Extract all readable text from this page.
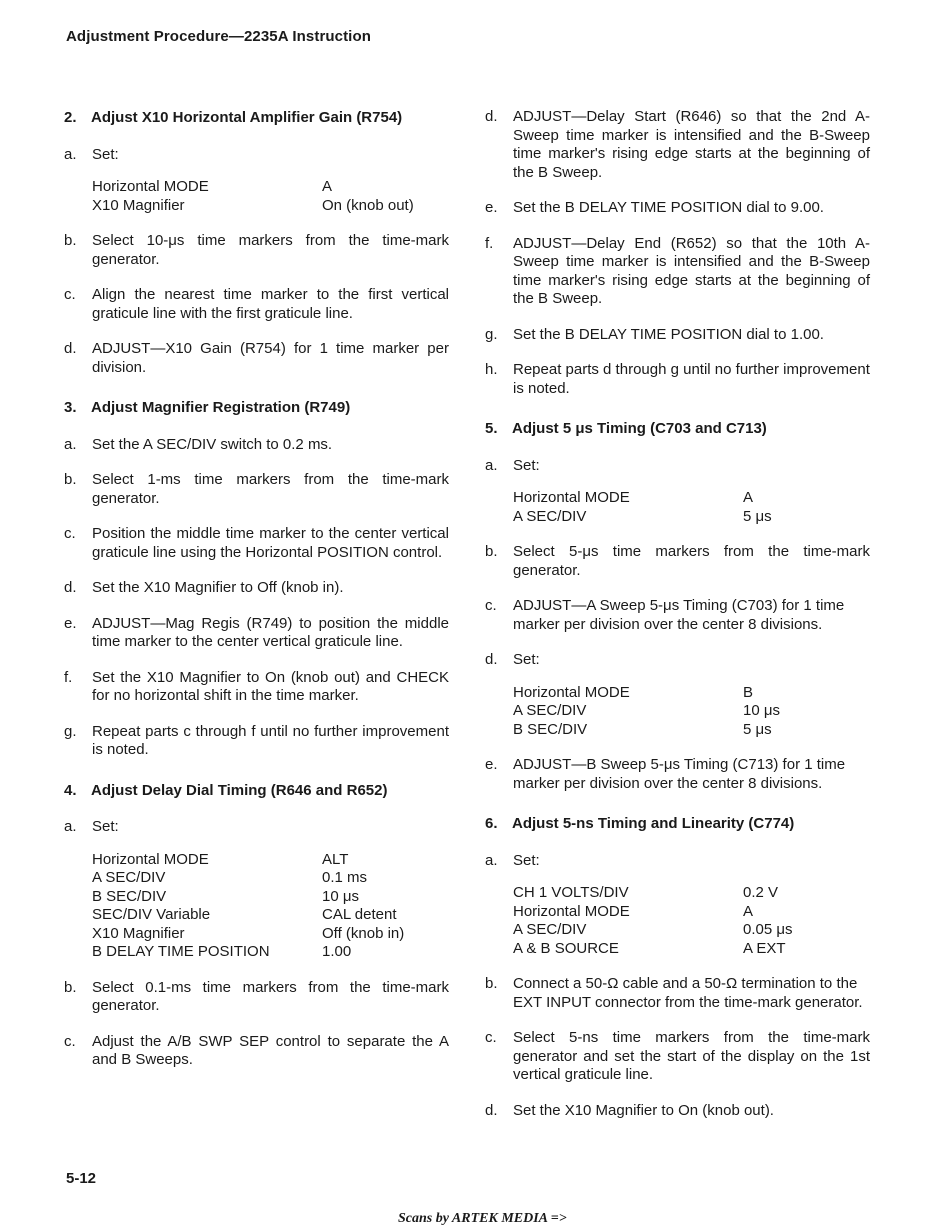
Adjustment Procedure—2235A Instruction
2. Adjust X10 Horizontal Amplifier Gain (R754)
a.	Set:
Horizontal MODE	A
X10 Magnifier	On (knob out)
b.	Select 10-μs time markers from the time-mark generator.
c.	Align the nearest time marker to the first vertical graticule line with the first graticule line.
d.	ADJUST—X10 Gain (R754) for 1 time marker per division.
3. Adjust Magnifier Registration (R749)
a.	Set the A SEC/DIV switch to 0.2 ms.
b.	Select 1-ms time markers from the time-mark generator.
c.	Position the middle time marker to the center vertical graticule line using the Horizontal POSITION control.
d.	Set the X10 Magnifier to Off (knob in).
e.	ADJUST—Mag Regis (R749) to position the middle time marker to the center vertical graticule line.
f.	Set the X10 Magnifier to On (knob out) and CHECK for no horizontal shift in the time marker.
g.	Repeat parts c through f until no further improvement is noted.
4. Adjust Delay Dial Timing (R646 and R652)
a.	Set:
Horizontal MODE	ALT
A SEC/DIV	0.1 ms
B SEC/DIV	10 μs
SEC/DIV Variable	CAL detent
X10 Magnifier	Off (knob in)
B DELAY TIME POSITION	1.00
b.	Select 0.1-ms time markers from the time-mark generator.
c.	Adjust the A/B SWP SEP control to separate the A and B Sweeps.
d.	ADJUST—Delay Start (R646) so that the 2nd A-Sweep time marker is intensified and the B-Sweep time marker's rising edge starts at the beginning of the B Sweep.
e.	Set the B DELAY TIME POSITION dial to 9.00.
f.	ADJUST—Delay End (R652) so that the 10th A-Sweep time marker is intensified and the B-Sweep time marker's rising edge starts at the beginning of the B Sweep.
g.	Set the B DELAY TIME POSITION dial to 1.00.
h.	Repeat parts d through g until no further improvement is noted.
5. Adjust 5 μs Timing (C703 and C713)
a.	Set:
Horizontal MODE	A
A SEC/DIV	5 μs
b.	Select 5-μs time markers from the time-mark generator.
c.	ADJUST—A Sweep 5-μs Timing (C703) for 1 time marker per division over the center 8 divisions.
d.	Set:
Horizontal MODE	B
A SEC/DIV	10 μs
B SEC/DIV	5 μs
e.	ADJUST—B Sweep 5-μs Timing (C713) for 1 time marker per division over the center 8 divisions.
6. Adjust 5-ns Timing and Linearity (C774)
a.	Set:
CH 1 VOLTS/DIV	0.2 V
Horizontal MODE	A
A SEC/DIV	0.05 μs
A & B SOURCE	A EXT
b.	Connect a 50-Ω cable and a 50-Ω termination to the EXT INPUT connector from the time-mark generator.
c.	Select 5-ns time markers from the time-mark generator and set the start of the display on the 1st vertical graticule line.
d.	Set the X10 Magnifier to On (knob out).
5-12
Scans by ARTEK MEDIA =>
